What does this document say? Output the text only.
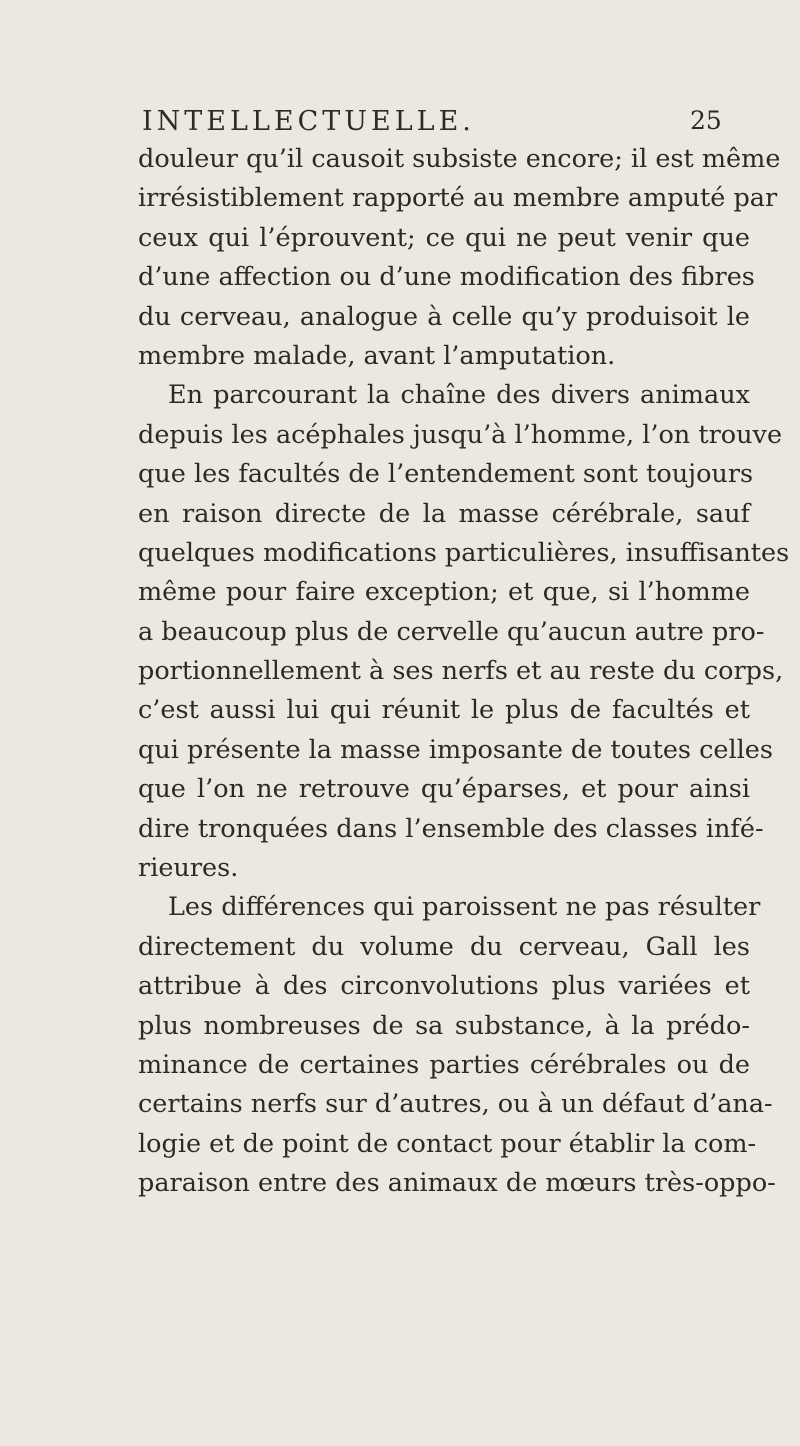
INTELLECTUELLE.	25
douleur qu’il causoit subsiste encore; il est même
irrésistiblement rapporté au membre amputé par
ceux qui l’éprouvent; ce qui ne peut venir que
d’une affection ou d’une modification des fibres
du cerveau, analogue à celle qu’y produisoit le
membre malade, avant l’amputation.
En parcourant la chaîne des divers animaux
depuis les acéphales jusqu’à l’homme, l’on trouve
que les facultés de l’entendement sont toujours
en raison directe de la masse cérébrale, sauf
quelques modifications particulières, insuffisantes
même pour faire exception; et que, si l’homme
a beaucoup plus de cervelle qu’aucun autre pro-
portionnellement à ses nerfs et au reste du corps,
c’est aussi lui qui réunit le plus de facultés et
qui présente la masse imposante de toutes celles
que l’on ne retrouve qu’éparses, et pour ainsi
dire tronquées dans l’ensemble des classes infé-
rieures.
Les différences qui paroissent ne pas résulter
directement du volume du cerveau, Gall les
attribue à des circonvolutions plus variées et
plus nombreuses de sa substance, à la prédo-
minance de certaines parties cérébrales ou de
certains nerfs sur d’autres, ou à un défaut d’ana-
logie et de point de contact pour établir la com-
paraison entre des animaux de mœurs très-oppo-
